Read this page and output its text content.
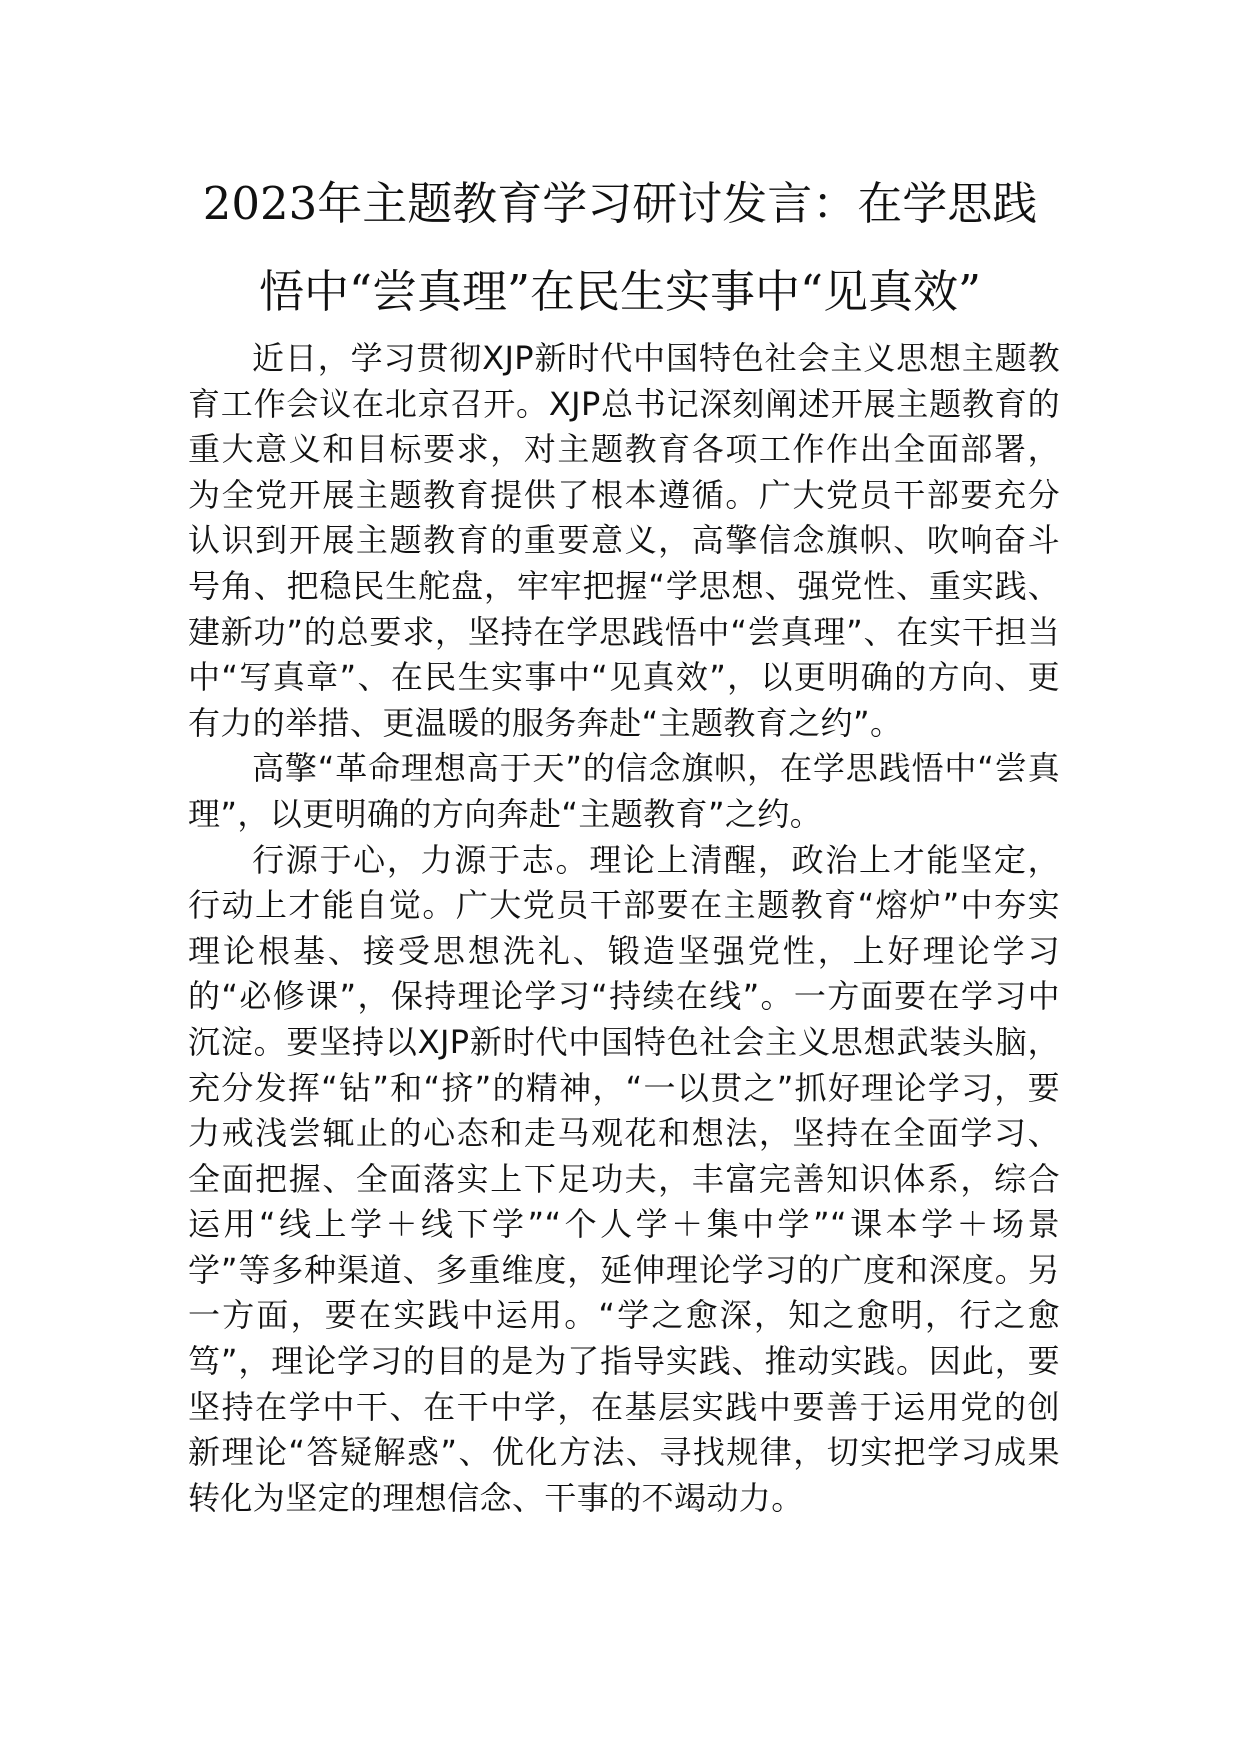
2023年主题教育学习研讨发言：在学思践
悟中“尝真理”在民生实事中“见真效”

近日，学习贯彻XJP新时代中国特色社会主义思想主题教育工作会议在北京召开。XJP总书记深刻阐述开展主题教育的重大意义和目标要求，对主题教育各项工作作出全面部署，为全党开展主题教育提供了根本遵循。广大党员干部要充分认识到开展主题教育的重要意义，高擎信念旗帜、吹响奋斗号角、把稳民生舵盘，牢牢把握“学思想、强党性、重实践、建新功”的总要求，坚持在学思践悟中“尝真理”、在实干担当中“写真章”、在民生实事中“见真效”，以更明确的方向、更有力的举措、更温暖的服务奔赴“主题教育之约”。

高擎“革命理想高于天”的信念旗帜，在学思践悟中“尝真理”，以更明确的方向奔赴“主题教育”之约。

行源于心，力源于志。理论上清醒，政治上才能坚定，行动上才能自觉。广大党员干部要在主题教育“熔炉”中夯实理论根基、接受思想洗礼、锻造坚强党性，上好理论学习的“必修课”，保持理论学习“持续在线”。一方面要在学习中沉淀。要坚持以XJP新时代中国特色社会主义思想武装头脑，充分发挥“钻”和“挤”的精神，“一以贯之”抓好理论学习，要力戒浅尝辄止的心态和走马观花和想法，坚持在全面学习、全面把握、全面落实上下足功夫，丰富完善知识体系，综合运用“线上学＋线下学”“个人学＋集中学”“课本学＋场景学”等多种渠道、多重维度，延伸理论学习的广度和深度。另一方面，要在实践中运用。“学之愈深，知之愈明，行之愈笃”，理论学习的目的是为了指导实践、推动实践。因此，要坚持在学中干、在干中学，在基层实践中要善于运用党的创新理论“答疑解惑”、优化方法、寻找规律，切实把学习成果转化为坚定的理想信念、干事的不竭动力。
